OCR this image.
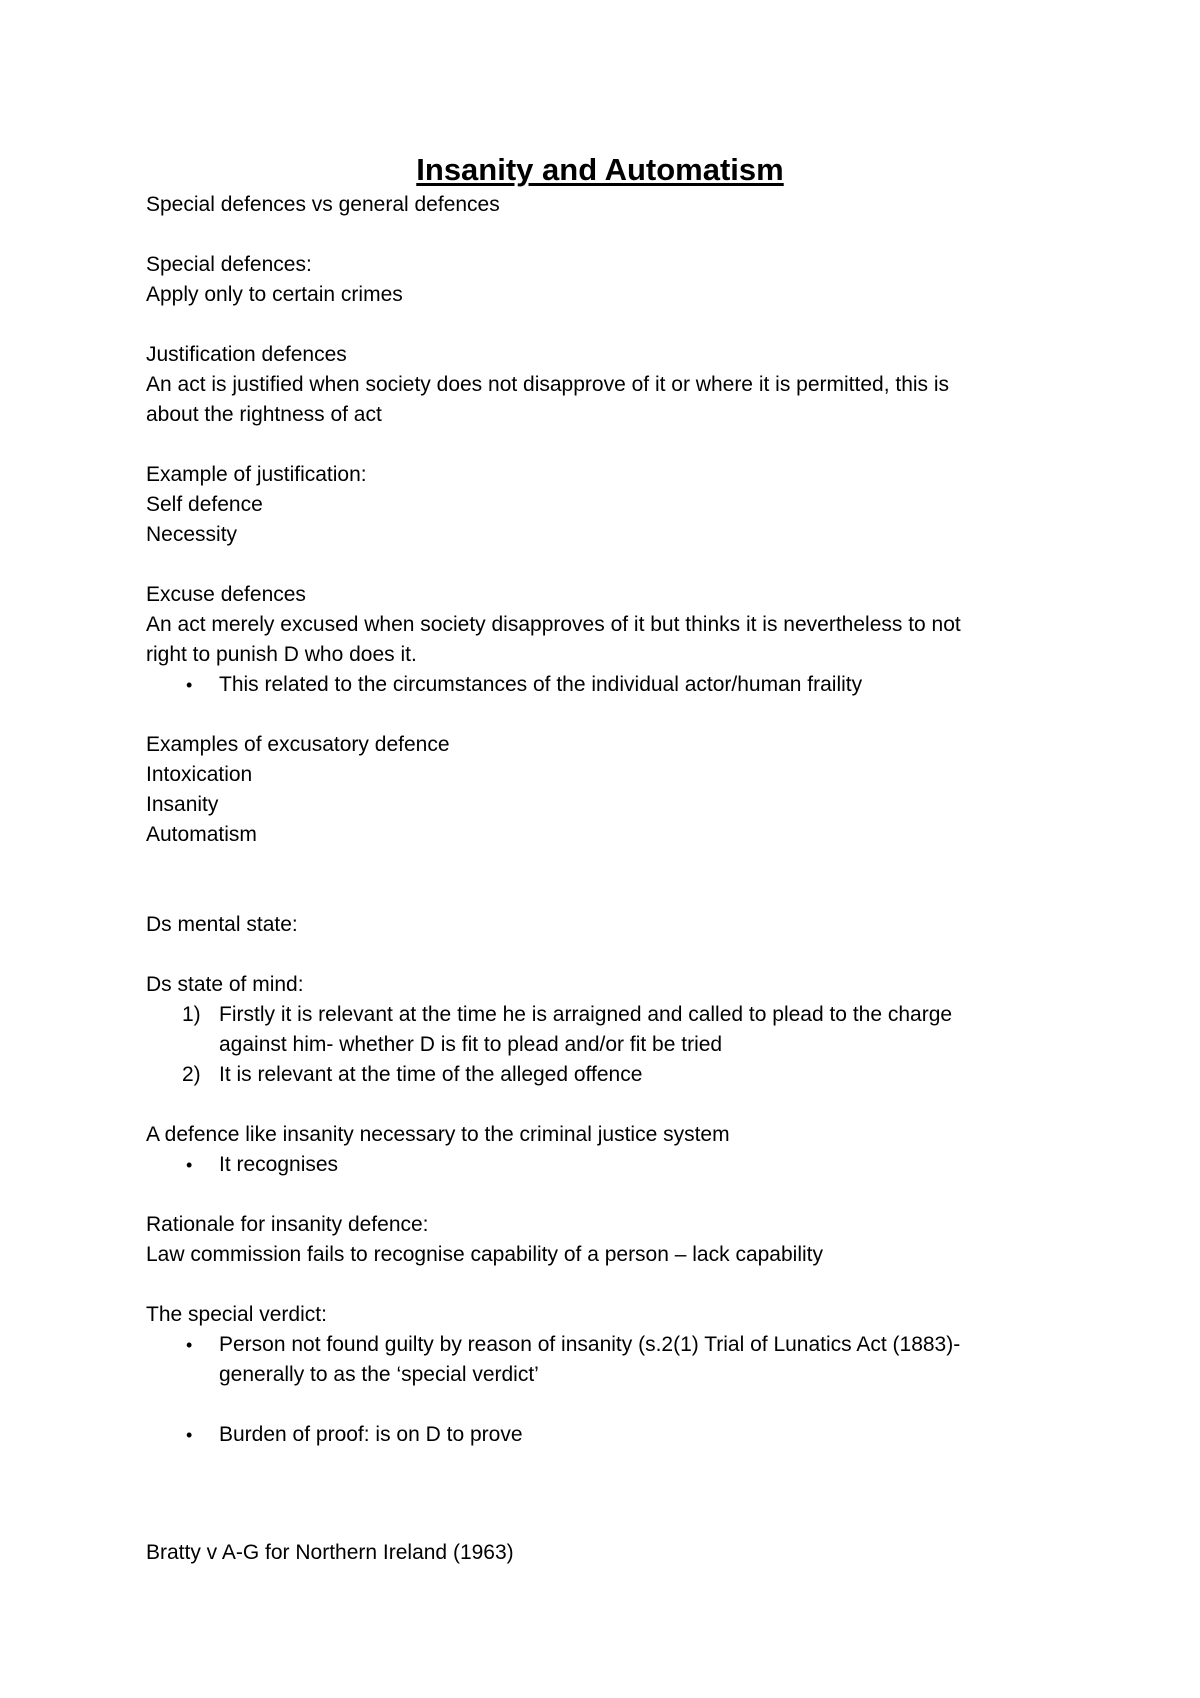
Insanity and Automatism
Special defences vs general defences
Special defences:
Apply only to certain crimes
Justification defences
An act is justified when society does not disapprove of it or where it is permitted, this is
about the rightness of act
Example of justification:
Self defence
Necessity
Excuse defences
An act merely excused when society disapproves of it but thinks it is nevertheless to not
right to punish D who does it.
• This related to the circumstances of the individual actor/human fraility
Examples of excusatory defence
Intoxication
Insanity
Automatism
Ds mental state:
Ds state of mind:
1) Firstly it is relevant at the time he is arraigned and called to plead to the charge
against him- whether D is fit to plead and/or fit be tried
2) It is relevant at the time of the alleged offence
A defence like insanity necessary to the criminal justice system
• It recognises
Rationale for insanity defence:
Law commission fails to recognise capability of a person – lack capability
The special verdict:
• Person not found guilty by reason of insanity (s.2(1) Trial of Lunatics Act (1883)-
generally to as the ‘special verdict’
• Burden of proof: is on D to prove
Bratty v A-G for Northern Ireland (1963)
